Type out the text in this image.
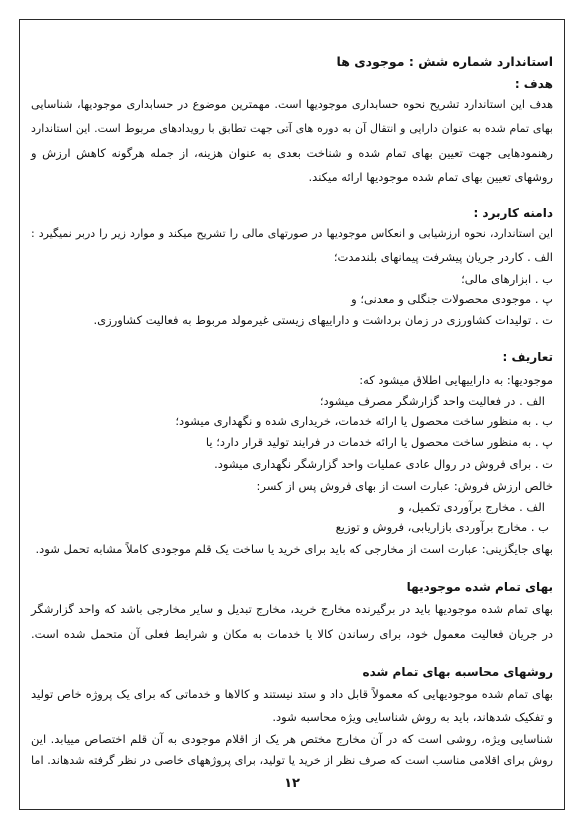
استاندارد شماره شش : موجودی ها
هدف :
هدف این استاندارد تشریح نحوه حسابداری موجودیها است. مهمترین موضوع در حسابداری موجودیها، شناسایی
بهای تمام شده به عنوان دارایی و انتقال آن به دوره های آتی جهت تطابق با رویدادهای مربوط است. این استاندارد
رهنمودهایی جهت تعیین بهای تمام شده و شناخت بعدی به عنوان هزینه، از جمله هرگونه کاهش ارزش و
روشهای تعیین بهای تمام شده موجودیها ارائه میکند.
دامنه کاربرد :
این استاندارد، نحوه ارزشیابی و انعکاس موجودیها در صورتهای مالی را تشریح میکند و موارد زیر را دربر نمیگیرد :
الف . کاردر جریان پیشرفت پیمانهای بلندمدت؛
ب . ابزارهای مالی؛
پ . موجودی محصولات جنگلی و معدنی؛ و
ت . تولیدات کشاورزی در زمان برداشت و داراییهای زیستی غیرمولد مربوط به فعالیت کشاورزی.
تعاریف :
موجودیها: به داراییهایی اطلاق میشود که:
الف . در فعالیت واحد گزارشگر مصرف میشود؛
ب . به منظور ساخت محصول یا ارائه خدمات، خریداری شده و نگهداری میشود؛
پ . به منظور ساخت محصول یا ارائه خدمات در فرایند تولید قرار دارد؛ یا
ت . برای فروش در روال عادی عملیات واحد گزارشگر نگهداری میشود.
خالص ارزش فروش: عبارت است از بهای فروش پس از کسر:
الف . مخارج برآوردی تکمیل، و
ب . مخارج برآوردی بازاریابی، فروش و توزیع
بهای جایگزینی: عبارت است از مخارجی که باید برای خرید یا ساخت یک قلم موجودی کاملاً مشابه تحمل شود.
بهای تمام شده موجودیها
بهای تمام شده موجودیها باید در برگیرنده مخارج خرید، مخارج تبدیل و سایر مخارجی باشد که واحد گزارشگر
در جریان فعالیت معمول خود، برای رساندن کالا یا خدمات به مکان و شرایط فعلی آن متحمل شده است.
روشهای محاسبه بهای تمام شده
بهای تمام شده موجودیهایی که معمولاً قابل داد و ستد نیستند و کالاها و خدماتی که برای یک پروژه خاص تولید
و تفکیک شدهاند، باید به روش شناسایی ویژه محاسبه شود.
شناسایی ویژه، روشی است که در آن مخارج مختص هر یک از اقلام موجودی به آن قلم اختصاص مییابد. این
روش برای اقلامی مناسب است که صرف نظر از خرید یا تولید، برای پروژههای خاصی در نظر گرفته شدهاند. اما
۱۲
